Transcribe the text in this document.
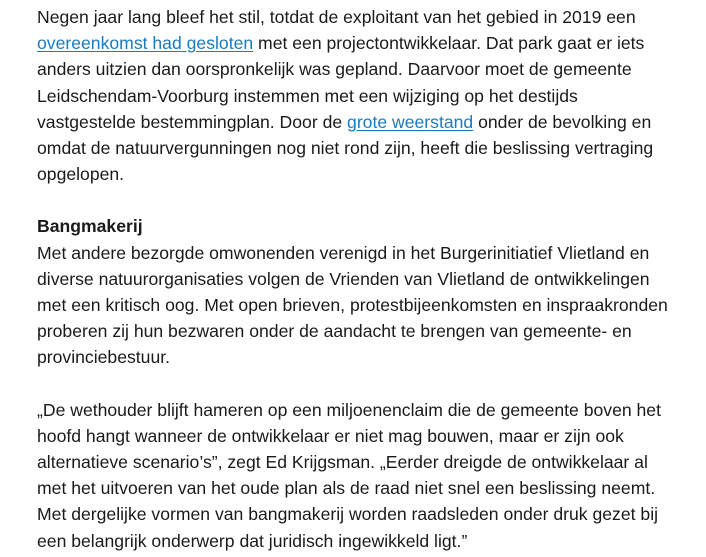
Negen jaar lang bleef het stil, totdat de exploitant van het gebied in 2019 een overeenkomst had gesloten met een projectontwikkelaar. Dat park gaat er iets anders uitzien dan oorspronkelijk was gepland. Daarvoor moet de gemeente Leidschendam-Voorburg instemmen met een wijziging op het destijds vastgestelde bestemmingplan. Door de grote weerstand onder de bevolking en omdat de natuurvergunningen nog niet rond zijn, heeft die beslissing vertraging opgelopen.

Bangmakerij

Met andere bezorgde omwonenden verenigd in het Burgerinitiatief Vlietland en diverse natuurorganisaties volgen de Vrienden van Vlietland de ontwikkelingen met een kritisch oog. Met open brieven, protestbijeenkomsten en inspraakronden proberen zij hun bezwaren onder de aandacht te brengen van gemeente- en provinciebestuur.

„De wethouder blijft hameren op een miljoenenclaim die de gemeente boven het hoofd hangt wanneer de ontwikkelaar er niet mag bouwen, maar er zijn ook alternatieve scenario’s”, zegt Ed Krijgsman. „Eerder dreigde de ontwikkelaar al met het uitvoeren van het oude plan als de raad niet snel een beslissing neemt. Met dergelijke vormen van bangmakerij worden raadsleden onder druk gezet bij een belangrijk onderwerp dat juridisch ingewikkeld ligt.”
